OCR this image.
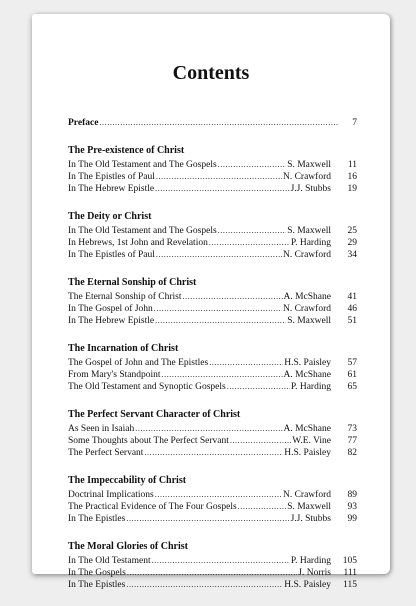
Contents
Preface .....	7
The Pre-existence of Christ
In The Old Testament and The Gospels .....	S. Maxwell	11
In The Epistles of Paul .....	N. Crawford	16
In The Hebrew Epistle .....	J.J. Stubbs	19
The Deity or Christ
In The Old Testament and The Gospels .....	S. Maxwell	25
In Hebrews, 1st John and Revelation .....	P. Harding	29
In The Epistles of Paul .....	N. Crawford	34
The Eternal Sonship of Christ
The Eternal Sonship of Christ .....	A. McShane	41
In The Gospel of John .....	N. Crawford	46
In The Hebrew Epistle .....	S. Maxwell	51
The Incarnation of Christ
The Gospel of John and The Epistles .....	H.S. Paisley	57
From Mary's Standpoint .....	A. McShane	61
The Old Testament and Synoptic Gospels .....	P. Harding	65
The Perfect Servant Character of Christ
As Seen in Isaiah .....	A. McShane	73
Some Thoughts about The Perfect Servant .....	W.E. Vine	77
The Perfect Servant .....	H.S. Paisley	82
The Impeccability of Christ
Doctrinal Implications .....	N. Crawford	89
The Practical Evidence of The Four Gospels .....	S. Maxwell	93
In The Epistles .....	J.J. Stubbs	99
The Moral Glories of Christ
In The Old Testament .....	P. Harding	105
In The Gospels .....	J. Norris	111
In The Epistles .....	H.S. Paisley	115
